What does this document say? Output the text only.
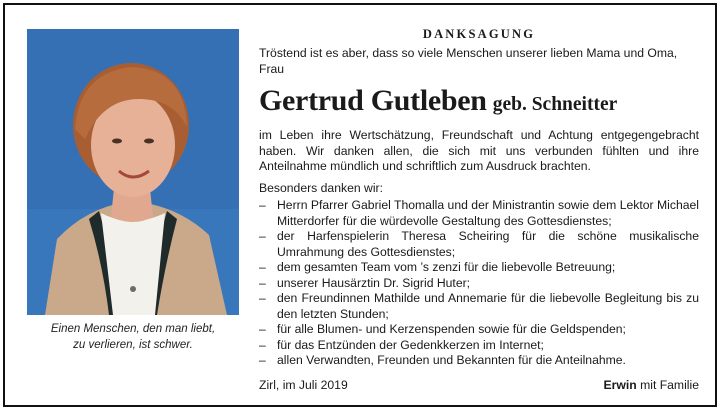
Einen Menschen, den man liebt,
zu verlieren, ist schwer.
DANKSAGUNG
Tröstend ist es aber, dass so viele Menschen unserer lieben Mama und Oma, Frau
Gertrud Gutleben geb. Schneitter
im Leben ihre Wertschätzung, Freundschaft und Achtung entgegengebracht haben. Wir danken allen, die sich mit uns verbunden fühlten und ihre Anteilnahme mündlich und schriftlich zum Ausdruck brachten.
Besonders danken wir:
– Herrn Pfarrer Gabriel Thomalla und der Ministrantin sowie dem Lektor Michael Mitterdorfer für die würdevolle Gestaltung des Gottesdienstes;
– der Harfenspielerin Theresa Scheiring für die schöne musikalische Umrahmung des Gottesdienstes;
– dem gesamten Team vom ’s zenzi für die liebevolle Betreuung;
– unserer Hausärztin Dr. Sigrid Huter;
– den Freundinnen Mathilde und Annemarie für die liebevolle Begleitung bis zu den letzten Stunden;
– für alle Blumen- und Kerzenspenden sowie für die Geldspenden;
– für das Entzünden der Gedenkkerzen im Internet;
– allen Verwandten, Freunden und Bekannten für die Anteilnahme.
Zirl, im Juli 2019	Erwin mit Familie
